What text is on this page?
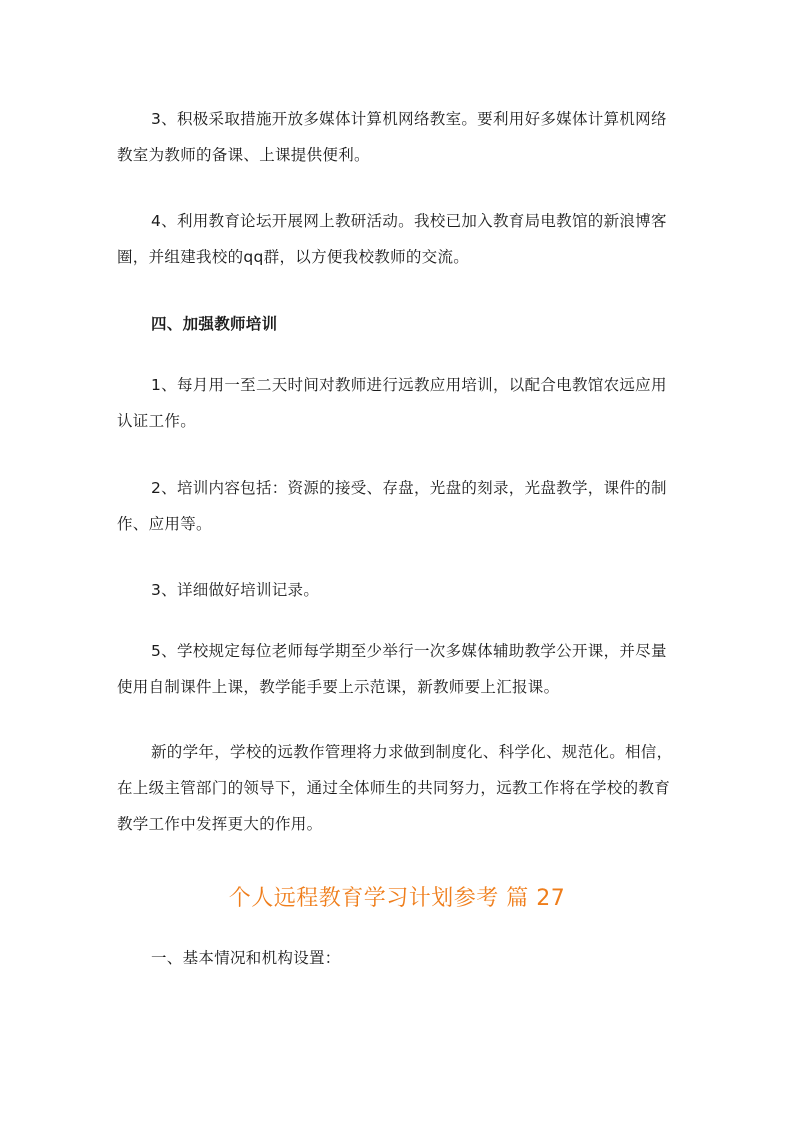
3、积极采取措施开放多媒体计算机网络教室。要利用好多媒体计算机网络教室为教师的备课、上课提供便利。

4、利用教育论坛开展网上教研活动。我校已加入教育局电教馆的新浪博客圈，并组建我校的qq群，以方便我校教师的交流。

四、加强教师培训

1、每月用一至二天时间对教师进行远教应用培训，以配合电教馆农远应用认证工作。

2、培训内容包括：资源的接受、存盘，光盘的刻录，光盘教学，课件的制作、应用等。

3、详细做好培训记录。

5、学校规定每位老师每学期至少举行一次多媒体辅助教学公开课，并尽量使用自制课件上课，教学能手要上示范课，新教师要上汇报课。

新的学年，学校的远教作管理将力求做到制度化、科学化、规范化。相信，在上级主管部门的领导下，通过全体师生的共同努力，远教工作将在学校的教育教学工作中发挥更大的作用。

个人远程教育学习计划参考 篇 27

一、基本情况和机构设置：
